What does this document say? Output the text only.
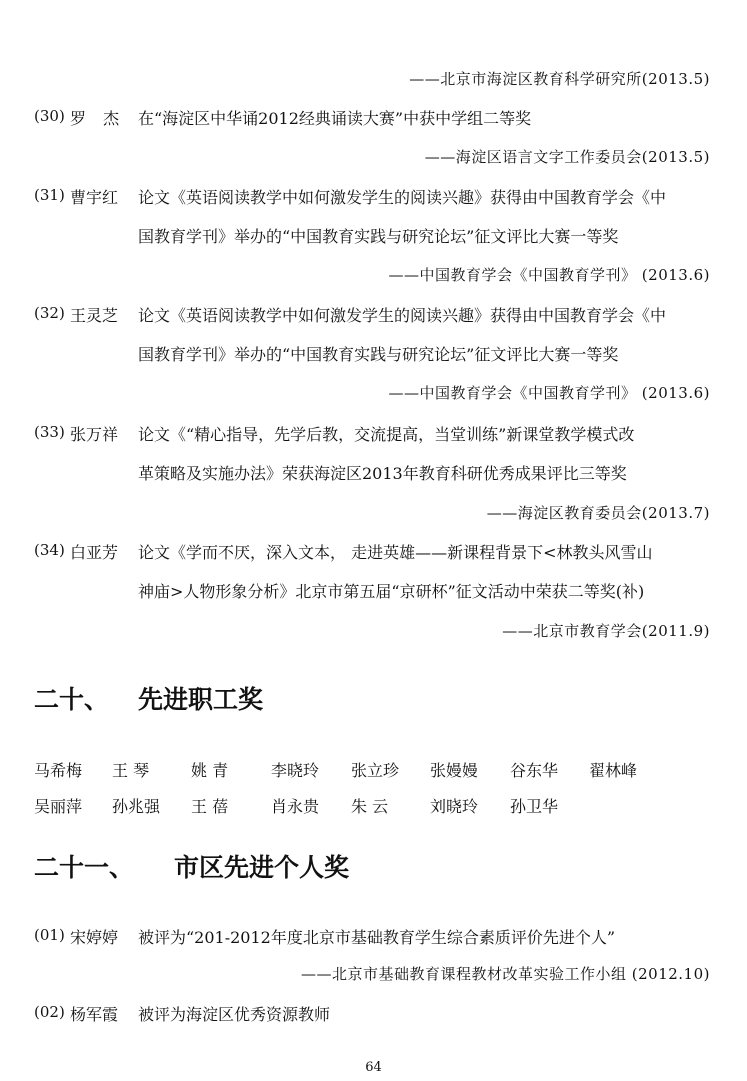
——北京市海淀区教育科学研究所(2013.5)
(30) 罗 杰 在“海淀区中华诵2012经典诵读大赛”中获中学组二等奖
——海淀区语言文字工作委员会(2013.5)
(31) 曹宇红 论文《英语阅读教学中如何激发学生的阅读兴趣》获得由中国教育学会《中
国教育学刊》举办的“中国教育实践与研究论坛”征文评比大赛一等奖
——中国教育学会《中国教育学刊》 (2013.6)
(32) 王灵芝 论文《英语阅读教学中如何激发学生的阅读兴趣》获得由中国教育学会《中
国教育学刊》举办的“中国教育实践与研究论坛”征文评比大赛一等奖
——中国教育学会《中国教育学刊》 (2013.6)
(33) 张万祥 论文《“精心指导，先学后教，交流提高，当堂训练”新课堂教学模式改
革策略及实施办法》荣获海淀区2013年教育科研优秀成果评比三等奖
——海淀区教育委员会(2013.7)
(34) 白亚芳 论文《学而不厌，深入文本， 走进英雄——新课程背景下<林教头风雪山
神庙>人物形象分析》北京市第五届“京研杯”征文活动中荣获二等奖(补)
——北京市教育学会(2011.9)
二十、 先进职工奖
马希梅 王 琴	姚 青	李晓玲 张立珍 张嫚嫚 谷东华 翟林峰
吴丽萍 孙兆强 王 蓓	肖永贵 朱 云	刘晓玲 孙卫华
二十一、 市区先进个人奖
(01) 宋婷婷 被评为“201-2012年度北京市基础教育学生综合素质评价先进个人”
——北京市基础教育课程教材改革实验工作小组 (2012.10)
(02) 杨军霞 被评为海淀区优秀资源教师
64
